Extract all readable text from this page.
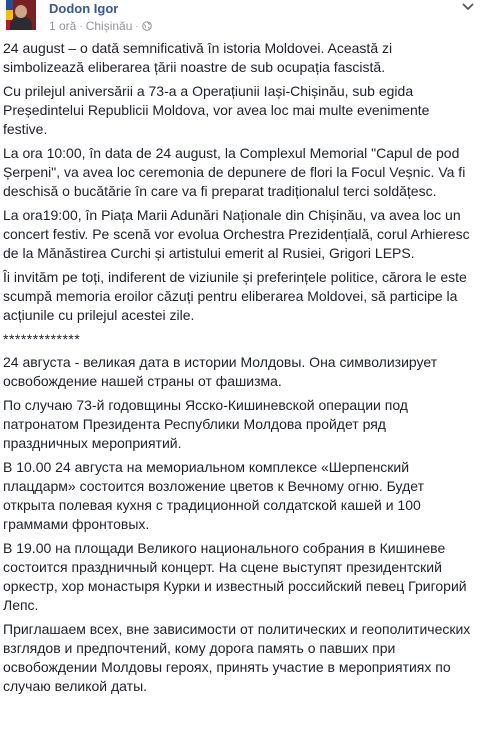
Dodon Igor
1 oră · Chișinău ·

24 august – o dată semnificativă în istoria Moldovei. Această zi simbolizează eliberarea țării noastre de sub ocupația fascistă.

Cu prilejul aniversării a 73-a a Operațiunii Iași-Chișinău, sub egida Președintelui Republicii Moldova, vor avea loc mai multe evenimente festive.

La ora 10:00, în data de 24 august, la Complexul Memorial "Capul de pod Șerpeni", va avea loc ceremonia de depunere de flori la Focul Veșnic. Va fi deschisă o bucătărie în care va fi preparat tradiționalul terci soldățesc.

La ora19:00, în Piața Marii Adunări Naționale din Chișinău, va avea loc un concert festiv. Pe scenă vor evolua Orchestra Prezidențială, corul Arhieresc de la Mănăstirea Curchi și artistului emerit al Rusiei, Grigori LEPS.

Îi invităm pe toți, indiferent de viziunile și preferințele politice, cărora le este scumpă memoria eroilor căzuți pentru eliberarea Moldovei, să participe la acțiunile cu prilejul acestei zile.

*************

24 августа - великая дата в истории Молдовы. Она символизирует освобождение нашей страны от фашизма.

По случаю 73-й годовщины Ясско-Кишиневской операции под патронатом Президента Республики Молдова пройдет ряд праздничных мероприятий.

В 10.00 24 августа на мемориальном комплексе «Шерпенский плацдарм» состоится возложение цветов к Вечному огню. Будет открыта полевая кухня с традиционной солдатской кашей и 100 граммами фронтовых.

В 19.00 на площади Великого национального собрания в Кишиневе состоится праздничный концерт. На сцене выступят президентский оркестр, хор монастыря Курки и известный российский певец Григорий Лепс.

Приглашаем всех, вне зависимости от политических и геополитических взглядов и предпочтений, кому дорога память о павших при освобождении Молдовы героях, принять участие в мероприятиях по случаю великой даты.
